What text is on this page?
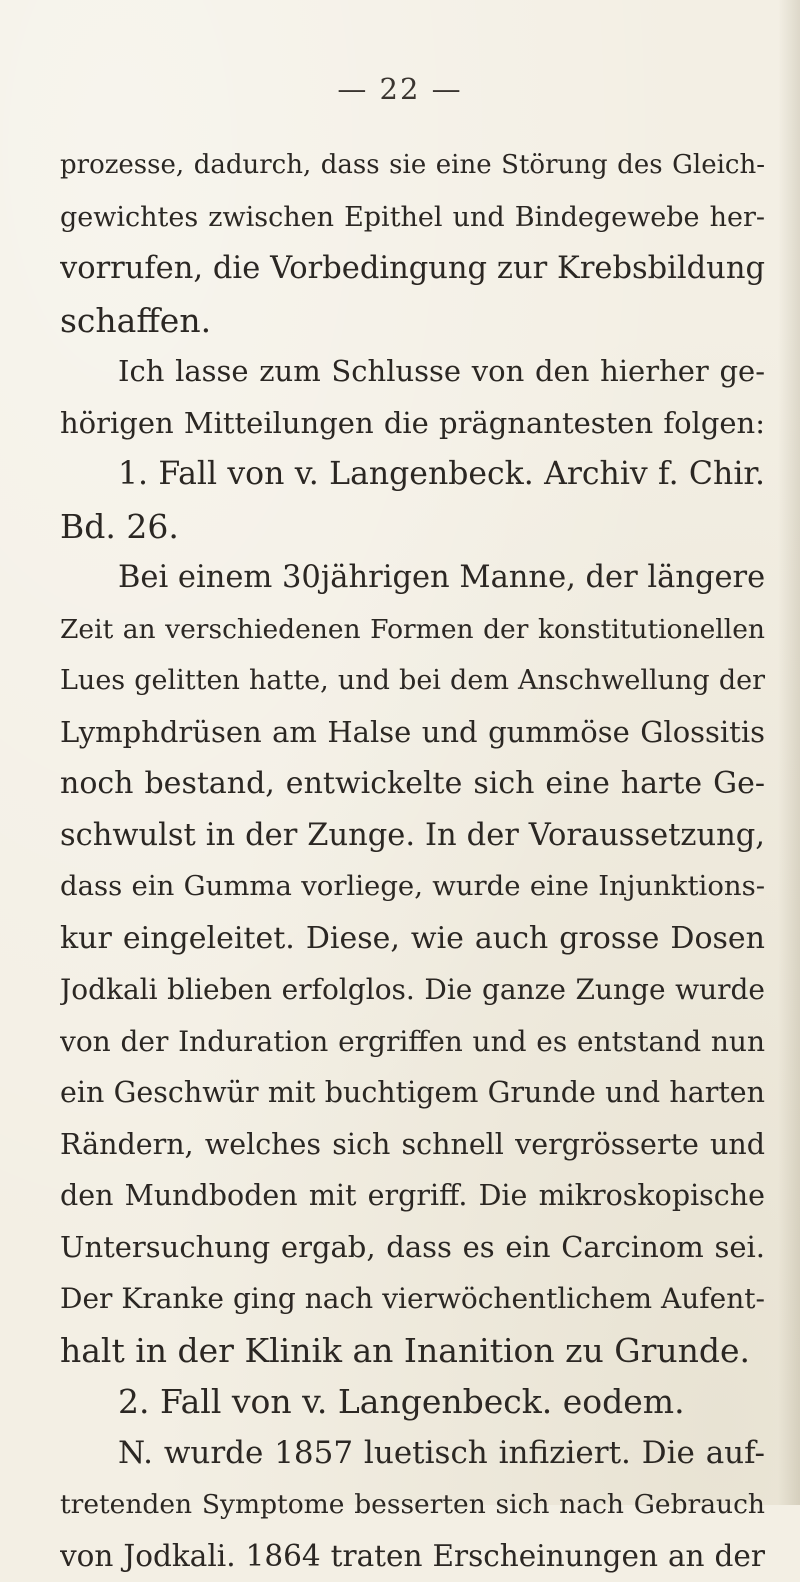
— 22 —
prozesse, dadurch, dass sie eine Störung des Gleich-
gewichtes zwischen Epithel und Bindegewebe her-
vorrufen, die Vorbedingung zur Krebsbildung
schaffen.
Ich lasse zum Schlusse von den hierher ge-
hörigen Mitteilungen die prägnantesten folgen:
1. Fall von v. Langenbeck. Archiv f. Chir.
Bd. 26.
Bei einem 30jährigen Manne, der längere
Zeit an verschiedenen Formen der konstitutionellen
Lues gelitten hatte, und bei dem Anschwellung der
Lymphdrüsen am Halse und gummöse Glossitis
noch bestand, entwickelte sich eine harte Ge-
schwulst in der Zunge. In der Voraussetzung,
dass ein Gumma vorliege, wurde eine Injunktions-
kur eingeleitet. Diese, wie auch grosse Dosen
Jodkali blieben erfolglos. Die ganze Zunge wurde
von der Induration ergriffen und es entstand nun
ein Geschwür mit buchtigem Grunde und harten
Rändern, welches sich schnell vergrösserte und
den Mundboden mit ergriff. Die mikroskopische
Untersuchung ergab, dass es ein Carcinom sei.
Der Kranke ging nach vierwöchentlichem Aufent-
halt in der Klinik an Inanition zu Grunde.
2. Fall von v. Langenbeck. eodem.
N. wurde 1857 luetisch infiziert. Die auf-
tretenden Symptome besserten sich nach Gebrauch
von Jodkali. 1864 traten Erscheinungen an der
